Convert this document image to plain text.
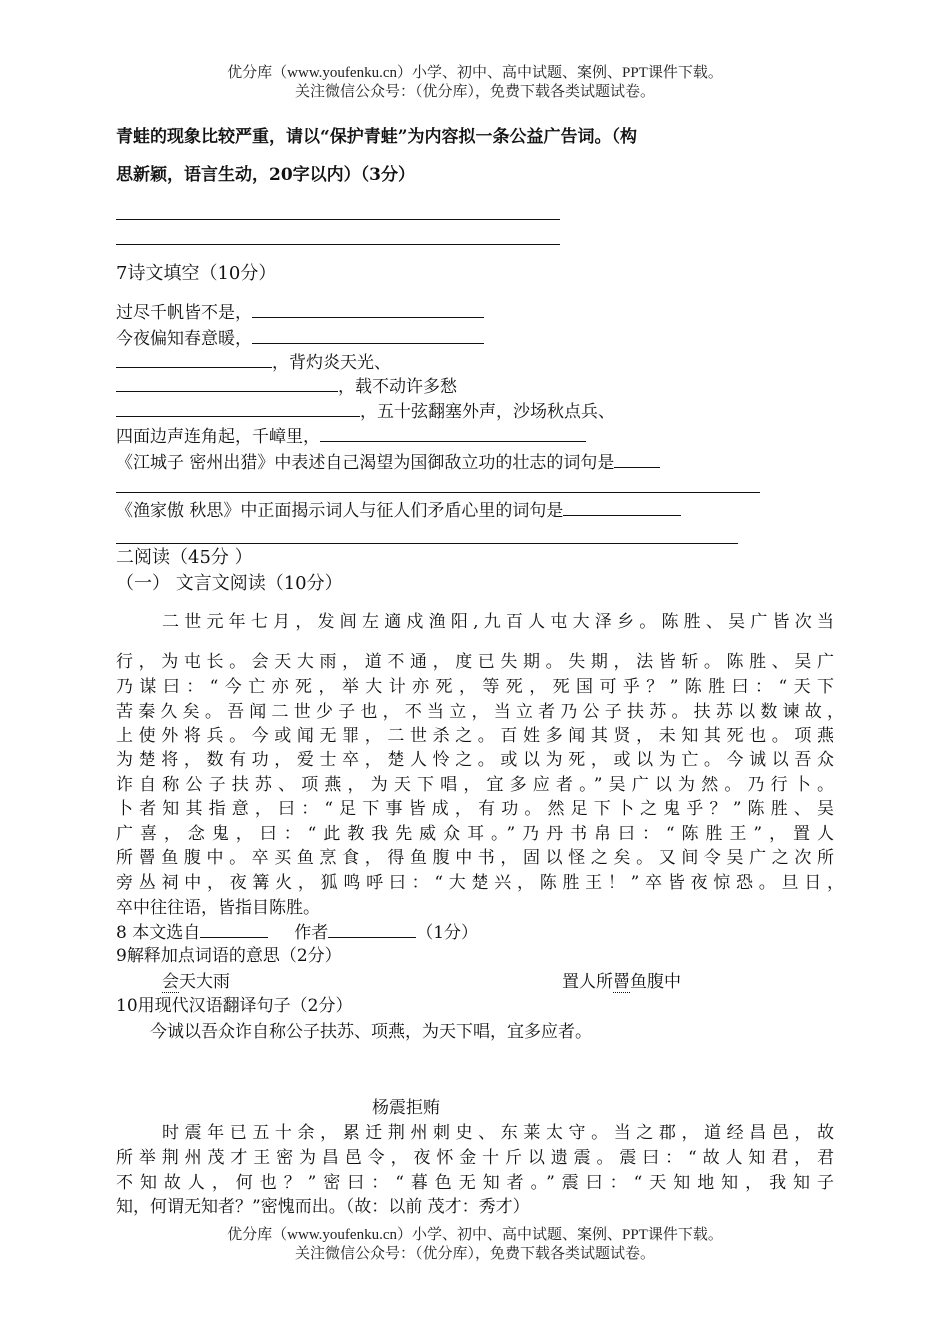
优分库（www.youfenku.cn）小学、初中、高中试题、案例、PPT课件下载。
关注微信公众号：（优分库），免费下载各类试题试卷。
青蛙的现象比较严重，请以“保护青蛙”为内容拟一条公益广告词。（构
思新颖，语言生动，20字以内）（3分）
7诗文填空（10分）
过尽千帆皆不是，
今夜偏知春意暖，
，背灼炎天光、
，载不动许多愁
，五十弦翻塞外声，沙场秋点兵、
四面边声连角起，千嶂里，
《江城子 密州出猎》中表述自己渴望为国御敌立功的壮志的词句是
《渔家傲 秋思》中正面揭示词人与征人们矛盾心里的词句是
二阅读（45分 ）
（一） 文言文阅读（10分）
二世元年七月，发闾左適戍渔阳,九百人屯大泽乡。陈胜、吴广皆次当
行，为屯长。会天大雨，道不通，度已失期。失期，法皆斩。陈胜、吴广
乃谋曰：“今亡亦死，举大计亦死，等死，死国可乎？”陈胜曰：“天下
苦秦久矣。吾闻二世少子也，不当立，当立者乃公子扶苏。扶苏以数谏故，
上使外将兵。今或闻无罪，二世杀之。百姓多闻其贤，未知其死也。项燕
为楚将，数有功，爱士卒，楚人怜之。或以为死，或以为亡。今诚以吾众
诈自称公子扶苏、项燕，为天下唱，宜多应者。”吴广以为然。乃行卜。
卜者知其指意，曰：“足下事皆成，有功。然足下卜之鬼乎？”陈胜、吴
广喜，念鬼，曰：“此教我先威众耳。”乃丹书帛曰：“陈胜王”，置人
所罾鱼腹中。卒买鱼烹食，得鱼腹中书，固以怪之矣。又间令吴广之次所
旁丛祠中，夜篝火，狐鸣呼曰：“大楚兴，陈胜王！”卒皆夜惊恐。旦日，
卒中往往语，皆指目陈胜。
8 本文选自	作者	（1分）
9解释加点词语的意思（2分）
会天大雨	置人所罾鱼腹中
10用现代汉语翻译句子（2分）
今诚以吾众诈自称公子扶苏、项燕，为天下唱，宜多应者。
杨震拒贿
时震年已五十余，累迁荆州刺史、东莱太守。当之郡，道经昌邑，故
所举荆州茂才王密为昌邑令，夜怀金十斤以遗震。震曰：“故人知君，君
不知故人，何也？”密曰：“暮色无知者。”震曰：“天知地知，我知子
知，何谓无知者？”密愧而出。（故：以前 茂才：秀才）
优分库（www.youfenku.cn）小学、初中、高中试题、案例、PPT课件下载。
关注微信公众号：（优分库），免费下载各类试题试卷。
